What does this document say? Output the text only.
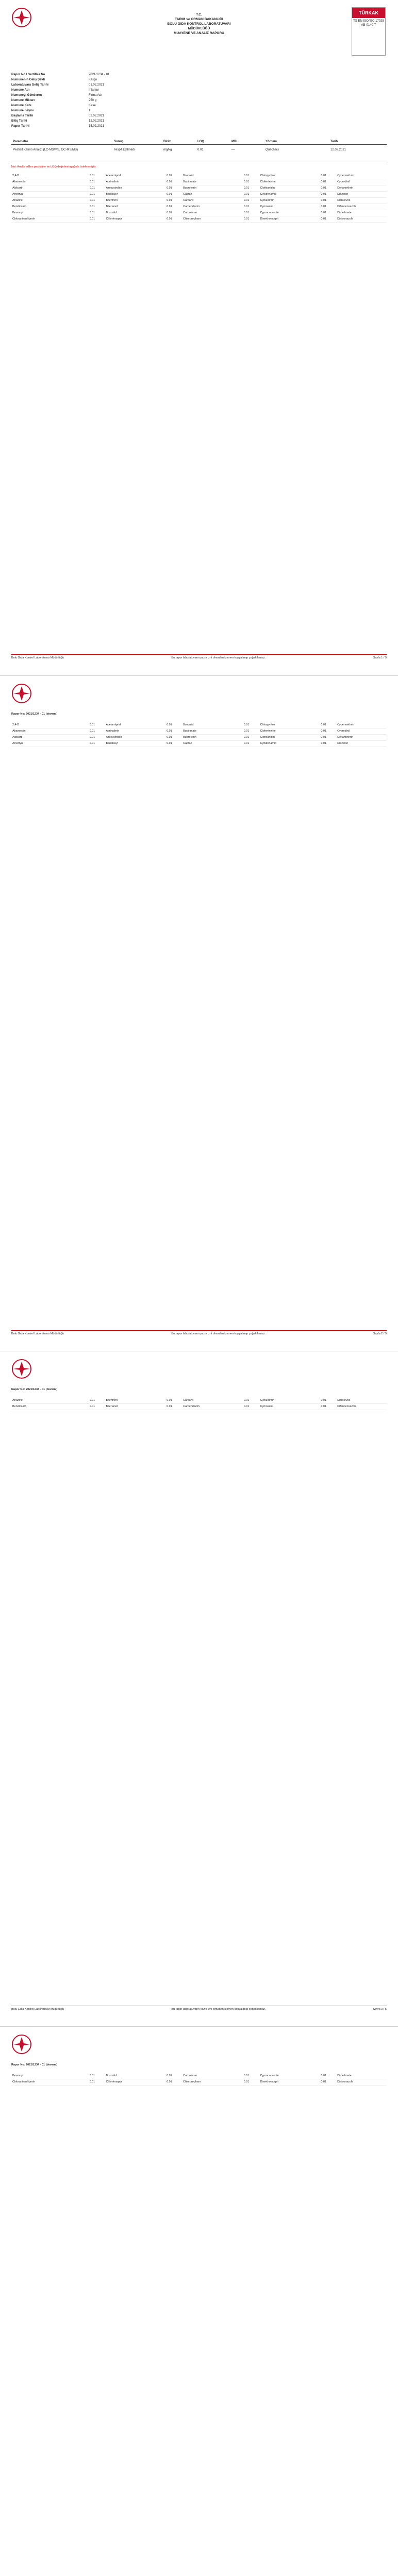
T.C.
TARIM ve ORMAN BAKANLIĞI
BOLU GIDA KONTROL LABORATUVARI
MÜDÜRLÜĞÜ
MUAYENE VE ANALİZ RAPORU
TÜRKAK
TS EN ISO/IEC 17025 AB-0140-T
Rapor No / Sertifika No	2021/1234 - 01
Numunenin Geliş Şekli	Kargo
Laboratuvara Geliş Tarihi	01.02.2021
Numune Adı	Ihlamur
Numuneyi Gönderen	Firma Adı
Numune Miktarı	250 g
Numune Kabı	Kese
Numune Sayısı	1
Başlama Tarihi	02.02.2021
Bitiş Tarihi	12.02.2021
Rapor Tarihi	15.02.2021
Parametre	Sonuç	Birim	LOQ	MRL	Yöntem	Tarih
Pestisit Kalıntı Analizi (LC-MS/MS, GC-MS/MS)	Tespit Edilmedi	mg/kg	0.01	—	Quechers	12.02.2021
Not: Analiz edilen pestisitler ve LOQ değerleri aşağıda listelenmiştir.
2,4-D	0.01	Acetamiprid	0.01	Boscalid	0.01	Chlorpyrifos	0.01	Cypermethrin
Abamectin	0.01	Acrinathrin	0.01	Bupirimate	0.01	Clofentezine	0.01	Cyprodinil
Aldicarb	0.01	Azoxystrobin	0.01	Buprofezin	0.01	Clothianidin	0.01	Deltamethrin
Ametryn	0.01	Benalaxyl	0.01	Captan	0.01	Cyflufenamid	0.01	Diazinon
Atrazine	0.01	Bifenthrin	0.01	Carbaryl	0.01	Cyhalothrin	0.01	Dichlorvos
Bendiocarb	0.01	Bitertanol	0.01	Carbendazim	0.01	Cymoxanil	0.01	Difenoconazole
Benomyl	0.01	Boscalid	0.01	Carbofuran	0.01	Cyproconazole	0.01	Dimethoate
Chlorantraniliprole	0.01	Chlorfenapyr	0.01	Chlorpropham	0.01	Dimethomorph	0.01	Diniconazole
Bolu Gıda Kontrol Laboratuvar Müdürlüğü	Bu rapor laboratuvarın yazılı izni olmadan kısmen kopyalanıp çoğaltılamaz.	Sayfa 1 / 5
Rapor No: 2021/1234 - 01 (devamı)
2,4-D	0.01	Acetamiprid	0.01	Boscalid	0.01	Chlorpyrifos	0.01	Cypermethrin
Abamectin	0.01	Acrinathrin	0.01	Bupirimate	0.01	Clofentezine	0.01	Cyprodinil
Aldicarb	0.01	Azoxystrobin	0.01	Buprofezin	0.01	Clothianidin	0.01	Deltamethrin
Ametryn	0.01	Benalaxyl	0.01	Captan	0.01	Cyflufenamid	0.01	Diazinon
Bolu Gıda Kontrol Laboratuvar Müdürlüğü	Bu rapor laboratuvarın yazılı izni olmadan kısmen kopyalanıp çoğaltılamaz.	Sayfa 2 / 5
Rapor No: 2021/1234 - 01 (devamı)
Atrazine	0.01	Bifenthrin	0.01	Carbaryl	0.01	Cyhalothrin	0.01	Dichlorvos
Bendiocarb	0.01	Bitertanol	0.01	Carbendazim	0.01	Cymoxanil	0.01	Difenoconazole
Bolu Gıda Kontrol Laboratuvar Müdürlüğü	Bu rapor laboratuvarın yazılı izni olmadan kısmen kopyalanıp çoğaltılamaz.	Sayfa 3 / 5
Rapor No: 2021/1234 - 01 (devamı)
Benomyl	0.01	Boscalid	0.01	Carbofuran	0.01	Cyproconazole	0.01	Dimethoate
Chlorantraniliprole	0.01	Chlorfenapyr	0.01	Chlorpropham	0.01	Dimethomorph	0.01	Diniconazole
